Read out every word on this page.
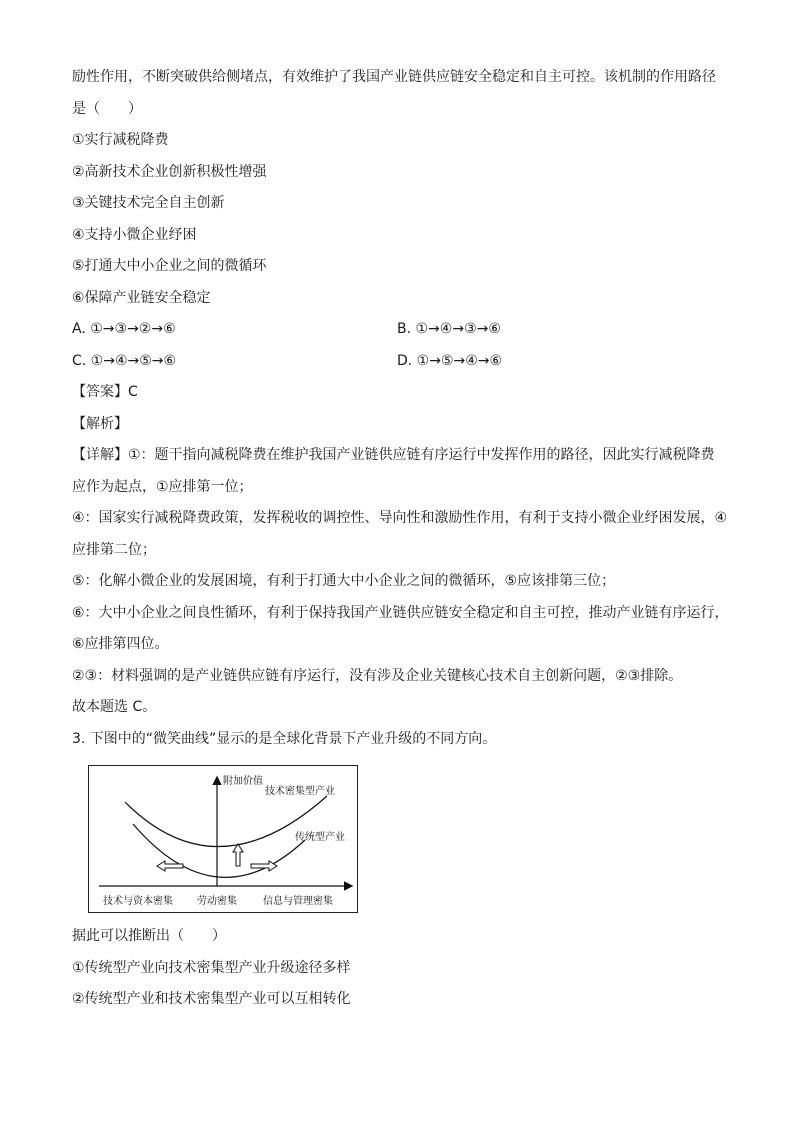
励性作用，不断突破供给侧堵点，有效维护了我国产业链供应链安全稳定和自主可控。该机制的作用路径
是（　　）
①实行减税降费
②高新技术企业创新积极性增强
③关键技术完全自主创新
④支持小微企业纾困
⑤打通大中小企业之间的微循环
⑥保障产业链安全稳定
A. ①→③→②→⑥	B. ①→④→③→⑥
C. ①→④→⑤→⑥	D. ①→⑤→④→⑥
【答案】C
【解析】
【详解】①：题干指向减税降费在维护我国产业链供应链有序运行中发挥作用的路径，因此实行减税降费
应作为起点，①应排第一位；
④：国家实行减税降费政策，发挥税收的调控性、导向性和激励性作用，有利于支持小微企业纾困发展，④
应排第二位；
⑤：化解小微企业的发展困境，有利于打通大中小企业之间的微循环，⑤应该排第三位；
⑥：大中小企业之间良性循环，有利于保持我国产业链供应链安全稳定和自主可控，推动产业链有序运行，
⑥应排第四位。
②③：材料强调的是产业链供应链有序运行，没有涉及企业关键核心技术自主创新问题，②③排除。
故本题选 C。
3. 下图中的“微笑曲线”显示的是全球化背景下产业升级的不同方向。
附加价值
技术密集型产业
传统型产业
技术与资本密集 劳动密集	信息与管理密集
据此可以推断出（　　）
①传统型产业向技术密集型产业升级途径多样
②传统型产业和技术密集型产业可以互相转化
